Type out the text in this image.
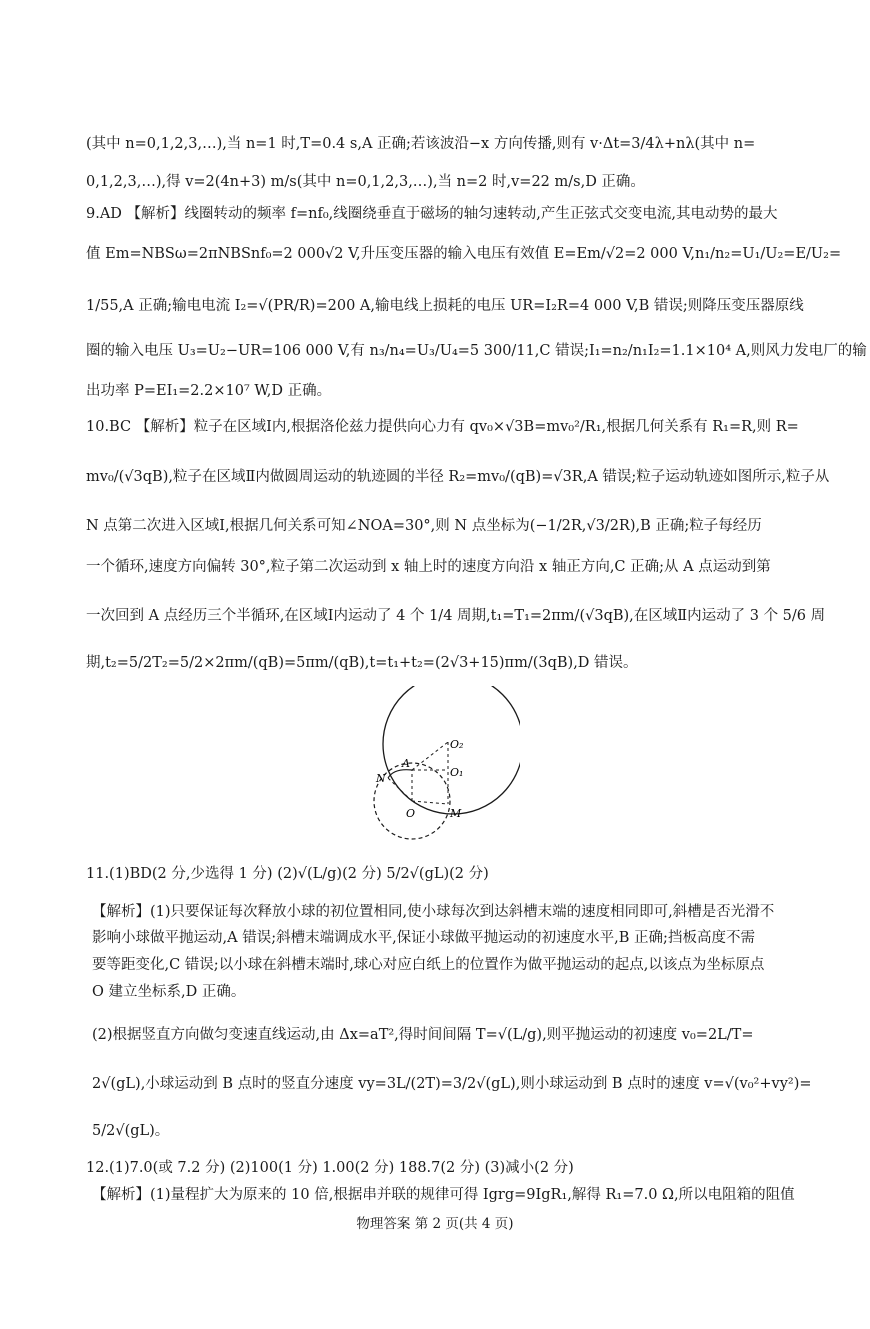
(其中 n=0,1,2,3,…),当 n=1 时,T=0.4 s,A 正确;若该波沿−x 方向传播,则有 v·Δt=3/4λ+nλ(其中 n=
0,1,2,3,…),得 v=2(4n+3) m/s(其中 n=0,1,2,3,…),当 n=2 时,v=22 m/s,D 正确。
9.AD 【解析】线圈转动的频率 f=nf₀,线圈绕垂直于磁场的轴匀速转动,产生正弦式交变电流,其电动势的最大
值 Em=NBSω=2πNBSnf₀=2 000√2 V,升压变压器的输入电压有效值 E=Em/√2=2 000 V,n₁/n₂=U₁/U₂=E/U₂=
1/55,A 正确;输电电流 I₂=√(PR/R)=200 A,输电线上损耗的电压 UR=I₂R=4 000 V,B 错误;则降压变压器原线
圈的输入电压 U₃=U₂−UR=106 000 V,有 n₃/n₄=U₃/U₄=5 300/11,C 错误;I₁=n₂/n₁I₂=1.1×10⁴ A,则风力发电厂的输
出功率 P=EI₁=2.2×10⁷ W,D 正确。
10.BC 【解析】粒子在区域Ⅰ内,根据洛伦兹力提供向心力有 qv₀×√3B=mv₀²/R₁,根据几何关系有 R₁=R,则 R=
mv₀/(√3qB),粒子在区域Ⅱ内做圆周运动的轨迹圆的半径 R₂=mv₀/(qB)=√3R,A 错误;粒子运动轨迹如图所示,粒子从
N 点第二次进入区域Ⅰ,根据几何关系可知∠NOA=30°,则 N 点坐标为(−1/2R,√3/2R),B 正确;粒子每经历
一个循环,速度方向偏转 30°,粒子第二次运动到 x 轴上时的速度方向沿 x 轴正方向,C 正确;从 A 点运动到第
一次回到 A 点经历三个半循环,在区域Ⅰ内运动了 4 个 1/4 周期,t₁=T₁=2πm/(√3qB),在区域Ⅱ内运动了 3 个 5/6 周
期,t₂=5/2T₂=5/2×2πm/(qB)=5πm/(qB),t=t₁+t₂=(2√3+15)πm/(3qB),D 错误。
O₂
A
O₁
N
O	M
11.(1)BD(2 分,少选得 1 分) (2)√(L/g)(2 分) 5/2√(gL)(2 分)
【解析】(1)只要保证每次释放小球的初位置相同,使小球每次到达斜槽末端的速度相同即可,斜槽是否光滑不
影响小球做平抛运动,A 错误;斜槽末端调成水平,保证小球做平抛运动的初速度水平,B 正确;挡板高度不需
要等距变化,C 错误;以小球在斜槽末端时,球心对应白纸上的位置作为做平抛运动的起点,以该点为坐标原点
O 建立坐标系,D 正确。
(2)根据竖直方向做匀变速直线运动,由 Δx=aT²,得时间间隔 T=√(L/g),则平抛运动的初速度 v₀=2L/T=
2√(gL),小球运动到 B 点时的竖直分速度 vy=3L/(2T)=3/2√(gL),则小球运动到 B 点时的速度 v=√(v₀²+vy²)=
5/2√(gL)。
12.(1)7.0(或 7.2 分) (2)100(1 分) 1.00(2 分) 188.7(2 分) (3)减小(2 分)
【解析】(1)量程扩大为原来的 10 倍,根据串并联的规律可得 Igrg=9IgR₁,解得 R₁=7.0 Ω,所以电阻箱的阻值
物理答案 第 2 页(共 4 页)
